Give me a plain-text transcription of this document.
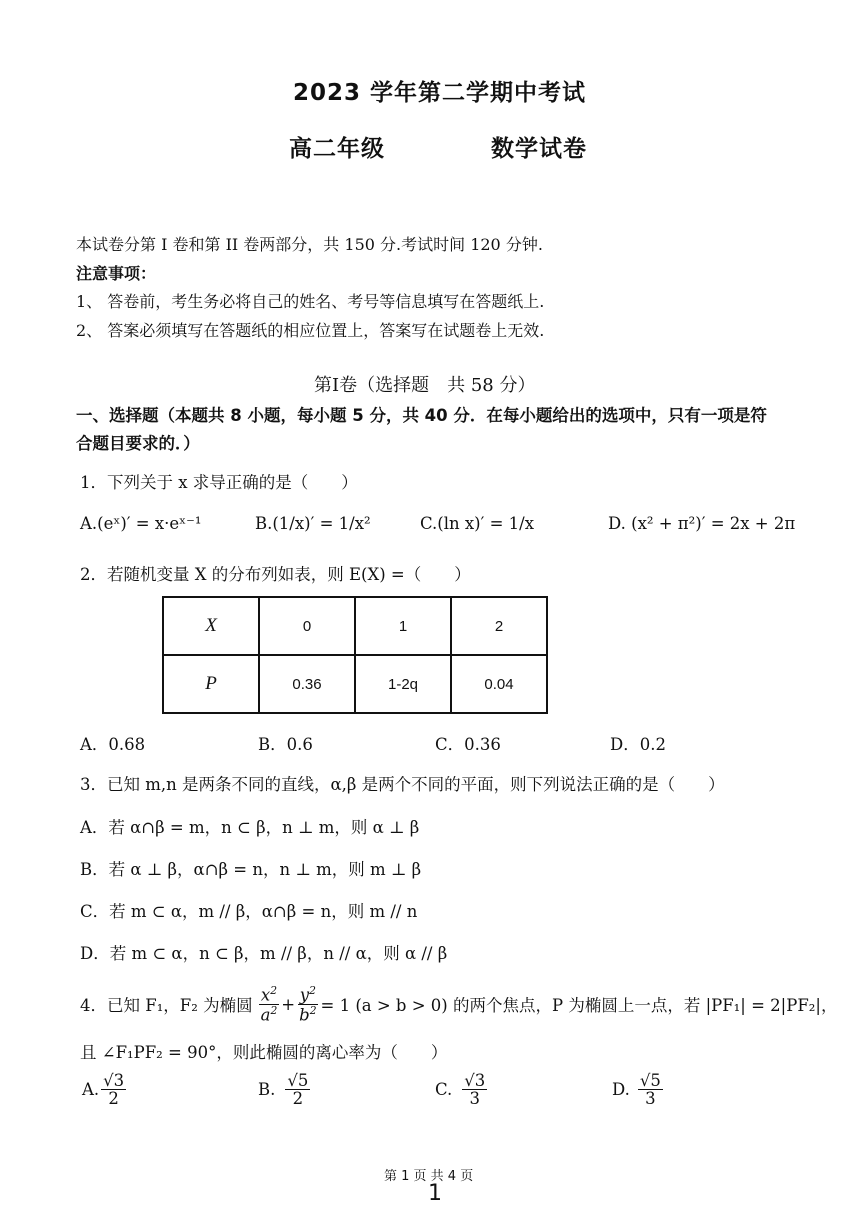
2023 学年第二学期中考试
高二年级	数学试卷
本试卷分第 I 卷和第 II 卷两部分，共 150 分.考试时间 120 分钟.
注意事项：
1、 答卷前，考生务必将自己的姓名、考号等信息填写在答题纸上.
2、 答案必须填写在答题纸的相应位置上，答案写在试题卷上无效.
第Ⅰ卷（选择题　共 58 分）
一、选择题（本题共 8 小题，每小题 5 分，共 40 分．在每小题给出的选项中，只有一项是符
合题目要求的．）
1．下列关于 x 求导正确的是（　　）
A.(eˣ)′ = x·eˣ⁻¹	B.(1/x)′ = 1/x²	C.(ln x)′ = 1/x	D. (x² + π²)′ = 2x + 2π
2．若随机变量 X 的分布列如表，则 E(X) =（　　）
X	0	1	2
P	0.36	1-2q	0.04
A．0.68	B．0.6	C．0.36	D．0.2
3．已知 m,n 是两条不同的直线，α,β 是两个不同的平面，则下列说法正确的是（　　）
A．若 α∩β = m，n ⊂ β，n ⊥ m，则 α ⊥ β
B．若 α ⊥ β，α∩β = n，n ⊥ m，则 m ⊥ β
C．若 m ⊂ α，m // β，α∩β = n，则 m // n
D．若 m ⊂ α，n ⊂ β，m // β，n // α，则 α // β
4．已知 F₁，F₂ 为椭圆 $\frac{x^2}{a^2} + \frac{y^2}{b^2} = 1$ (a > b > 0) 的两个焦点，P 为椭圆上一点，若 |PF₁| = 2|PF₂|，
且 ∠F₁PF₂ = 90°，则此椭圆的离心率为（　　）
A. $\frac{√3}{2}$	B. $\frac{√5}{2}$	C. $\frac{√3}{3}$	D. $\frac{√5}{3}$
第 1 页 共 4 页
1
